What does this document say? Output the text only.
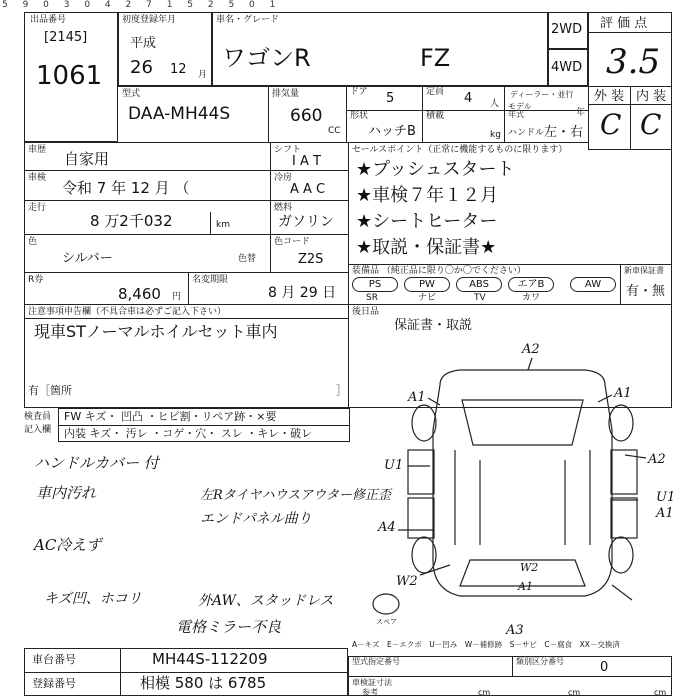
5 9 0 3 0 4 2 7 1 5 2 5 0 1
出品番号
[2145]
1061
初度登録年月
平成
26 12 月
車名・グレード
ワゴンR	FZ
2WD
4WD
評 価 点
3.5
外 装 内 装
C C
型式
DAA-MH44S
排気量
660
CC
ドア 5	定員 4 人
ディーラー・並行
モデル年式	年
形状
ハッチB
積載
kg ハンドル 左・右
車歴 自家用	シフト
I A T
車検
令和 7 年 12 月 （
冷房
A A C
走行
8 万2千032	km
燃料
ガソリン
色
シルバー	色替
色コード
Z2S
R券
8,460 円
名変期限
8 月 29 日
セールスポイント（正常に機能するものに限ります）
★プッシュスタート
★車検７年１２月
★シートヒーター
★取説・保証書★
装備品 （純正品に限り〇か〇でください）	新車保証書
PS	PW	ABS	エアB	AW
SR	ナビ	TV	カワ	有・無
注意事項申告欄（不具合車は必ずご記入下さい）
現車STノーマルホイルセット車内
有［箇所	］
後日品
保証書・取説
検査員
記入欄
FW キズ・ 凹凸 ・ヒビ割・リペア跡・×要
内装 キズ・ 汚レ ・コゲ・穴・ スレ ・キレ・破レ
ハンドルカバー 付
車内汚れ	左Rタイヤハウスアウター修正歪
エンドパネル曲り
AC冷えず
キズ凹、ホコリ	外AW、スタッドレス
電格ミラー不良
A2
A1	A1
U1	A2
U1
A1
A4
W2
W2	A1
A3
スペア
A－キズ　E－エクボ　U－凹み　W－補修跡　S－サビ　C－腐食　XX－交換済
車台番号	MH44S-112209
登録番号	相模 580 は 6785
型式指定番号	類別区分番号	0
車検証寸法
参考	cm	cm	cm
